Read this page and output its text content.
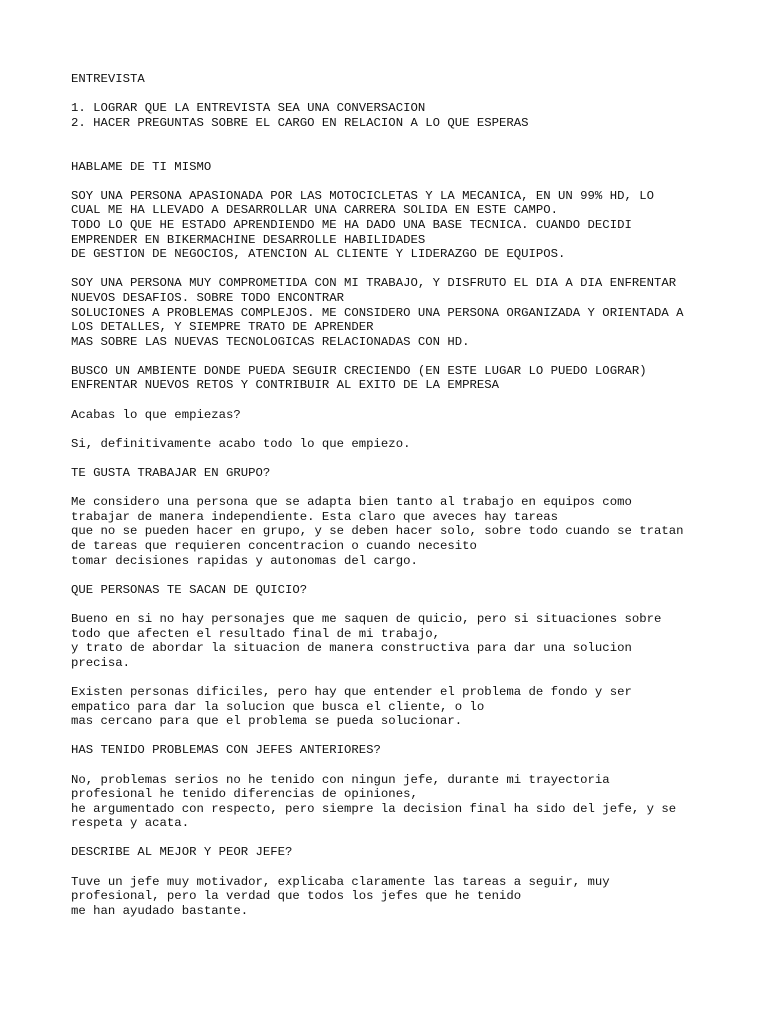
ENTREVISTA
1. LOGRAR QUE LA ENTREVISTA SEA UNA CONVERSACION
2. HACER PREGUNTAS SOBRE EL CARGO EN RELACION A LO QUE ESPERAS
HABLAME DE TI MISMO
SOY UNA PERSONA APASIONADA POR LAS MOTOCICLETAS Y LA MECANICA, EN UN 99% HD, LO
CUAL ME HA LLEVADO A DESARROLLAR UNA CARRERA SOLIDA EN ESTE CAMPO.
TODO LO QUE HE ESTADO APRENDIENDO ME HA DADO UNA BASE TECNICA. CUANDO DECIDI
EMPRENDER EN BIKERMACHINE DESARROLLE HABILIDADES
DE GESTION DE NEGOCIOS, ATENCION AL CLIENTE Y LIDERAZGO DE EQUIPOS.
SOY UNA PERSONA MUY COMPROMETIDA CON MI TRABAJO, Y DISFRUTO EL DIA A DIA ENFRENTAR
NUEVOS DESAFIOS. SOBRE TODO ENCONTRAR
SOLUCIONES A PROBLEMAS COMPLEJOS. ME CONSIDERO UNA PERSONA ORGANIZADA Y ORIENTADA A
LOS DETALLES, Y SIEMPRE TRATO DE APRENDER
MAS SOBRE LAS NUEVAS TECNOLOGICAS RELACIONADAS CON HD.
BUSCO UN AMBIENTE DONDE PUEDA SEGUIR CRECIENDO (EN ESTE LUGAR LO PUEDO LOGRAR)
ENFRENTAR NUEVOS RETOS Y CONTRIBUIR AL EXITO DE LA EMPRESA
Acabas lo que empiezas?
Si, definitivamente acabo todo lo que empiezo.
TE GUSTA TRABAJAR EN GRUPO?
Me considero una persona que se adapta bien tanto al trabajo en equipos como
trabajar de manera independiente. Esta claro que aveces hay tareas
que no se pueden hacer en grupo, y se deben hacer solo, sobre todo cuando se tratan
de tareas que requieren concentracion o cuando necesito
tomar decisiones rapidas y autonomas del cargo.
QUE PERSONAS TE SACAN DE QUICIO?
Bueno en si no hay personajes que me saquen de quicio, pero si situaciones sobre
todo que afecten el resultado final de mi trabajo,
y trato de abordar la situacion de manera constructiva para dar una solucion
precisa.
Existen personas dificiles, pero hay que entender el problema de fondo y ser
empatico para dar la solucion que busca el cliente, o lo
mas cercano para que el problema se pueda solucionar.
HAS TENIDO PROBLEMAS CON JEFES ANTERIORES?
No, problemas serios no he tenido con ningun jefe, durante mi trayectoria
profesional he tenido diferencias de opiniones,
he argumentado con respecto, pero siempre la decision final ha sido del jefe, y se
respeta y acata.
DESCRIBE AL MEJOR Y PEOR JEFE?
Tuve un jefe muy motivador, explicaba claramente las tareas a seguir, muy
profesional, pero la verdad que todos los jefes que he tenido
me han ayudado bastante.
